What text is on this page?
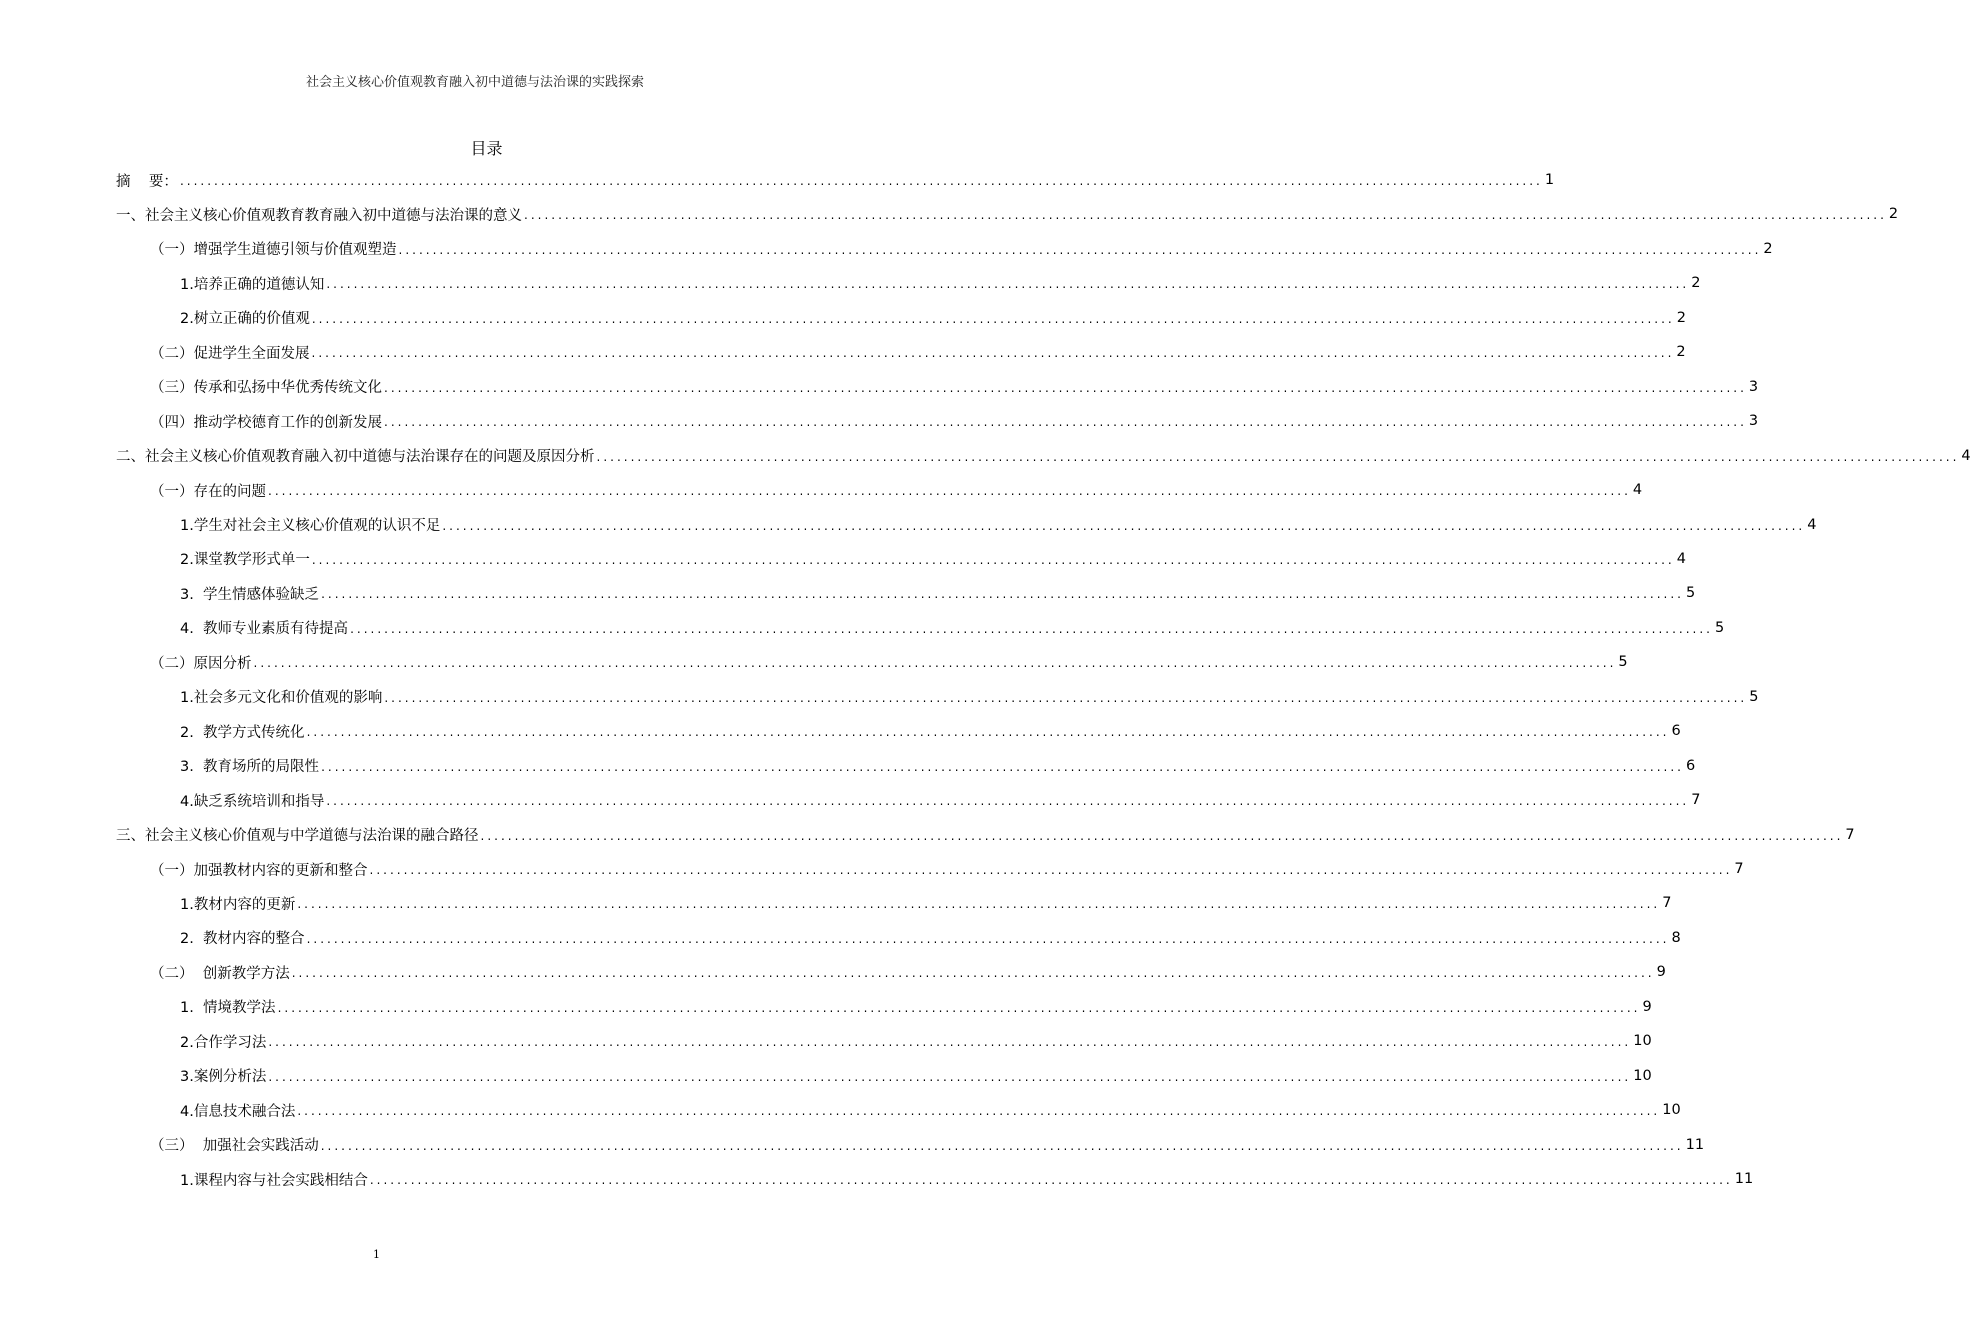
社会主义核心价值观教育融入初中道德与法治课的实践探索
目录
摘    要： ........................................................................................................................................................................................................ 1
一、社会主义核心价值观教育教育融入初中道德与法治课的意义 ........................................................................................................................................................................................................ 2
（一）增强学生道德引领与价值观塑造 ........................................................................................................................................................................................................ 2
1.培养正确的道德认知 ........................................................................................................................................................................................................ 2
2.树立正确的价值观 ........................................................................................................................................................................................................ 2
（二）促进学生全面发展 ........................................................................................................................................................................................................ 2
（三）传承和弘扬中华优秀传统文化 ........................................................................................................................................................................................................ 3
（四）推动学校德育工作的创新发展 ........................................................................................................................................................................................................ 3
二、社会主义核心价值观教育融入初中道德与法治课存在的问题及原因分析 ........................................................................................................................................................................................................ 4
（一）存在的问题 ........................................................................................................................................................................................................ 4
1.学生对社会主义核心价值观的认识不足 ........................................................................................................................................................................................................ 4
2.课堂教学形式单一 ........................................................................................................................................................................................................ 4
3.  学生情感体验缺乏 ........................................................................................................................................................................................................ 5
4.  教师专业素质有待提高 ........................................................................................................................................................................................................ 5
（二）原因分析 ........................................................................................................................................................................................................ 5
1.社会多元文化和价值观的影响 ........................................................................................................................................................................................................ 5
2.  教学方式传统化 ........................................................................................................................................................................................................ 6
3.  教育场所的局限性 ........................................................................................................................................................................................................ 6
4.缺乏系统培训和指导 ........................................................................................................................................................................................................ 7
三、社会主义核心价值观与中学道德与法治课的融合路径 ........................................................................................................................................................................................................ 7
（一）加强教材内容的更新和整合 ........................................................................................................................................................................................................ 7
1.教材内容的更新 ........................................................................................................................................................................................................ 7
2.  教材内容的整合 ........................................................................................................................................................................................................ 8
（二）  创新教学方法 ........................................................................................................................................................................................................ 9
1.  情境教学法 ........................................................................................................................................................................................................ 9
2.合作学习法 ........................................................................................................................................................................................................ 10
3.案例分析法 ........................................................................................................................................................................................................ 10
4.信息技术融合法 ........................................................................................................................................................................................................ 10
（三）  加强社会实践活动 ........................................................................................................................................................................................................ 11
1.课程内容与社会实践相结合 ........................................................................................................................................................................................................ 11
1
